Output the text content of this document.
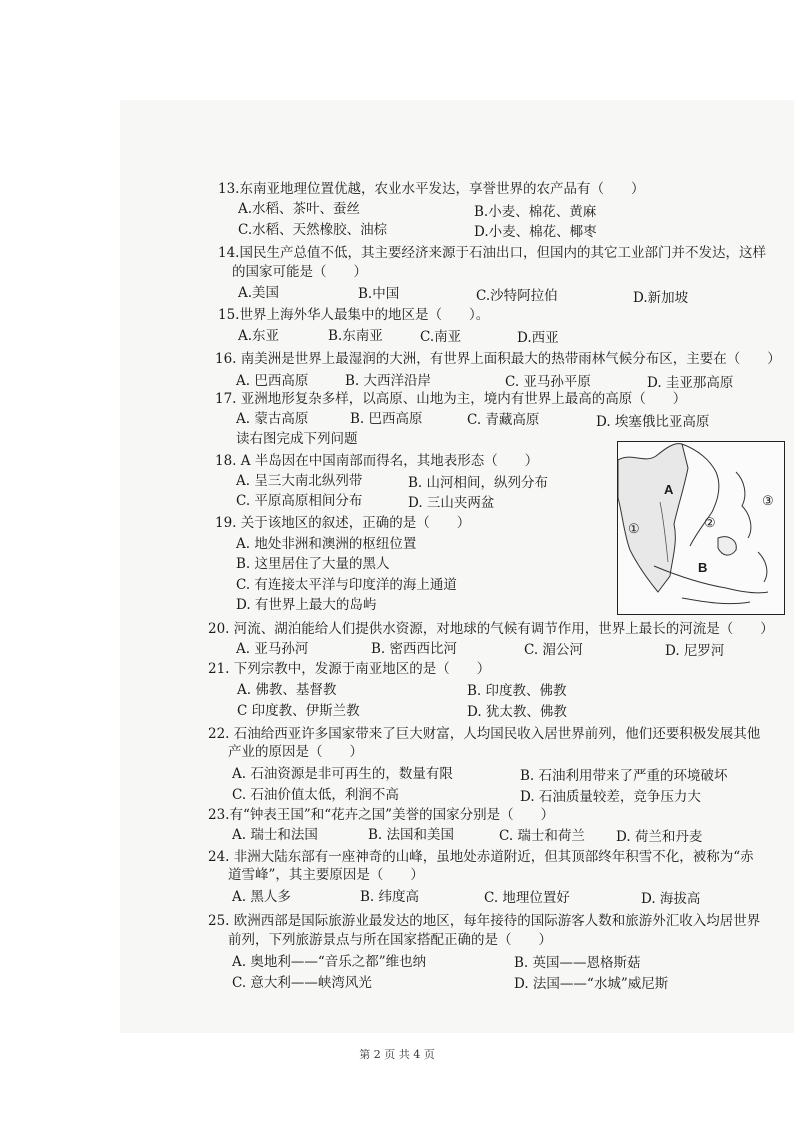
13.东南亚地理位置优越，农业水平发达，享誉世界的农产品有（　　）
A.水稻、茶叶、蚕丝	B.小麦、棉花、黄麻
C.水稻、天然橡胶、油棕	D.小麦、棉花、椰枣
14.国民生产总值不低，其主要经济来源于石油出口，但国内的其它工业部门并不发达，这样
的国家可能是（　　）
A.美国	B.中国	C.沙特阿拉伯	D.新加坡
15.世界上海外华人最集中的地区是（　　）。
A.东亚	B.东南亚	C.南亚	D.西亚
16. 南美洲是世界上最湿润的大洲，有世界上面积最大的热带雨林气候分布区，主要在（　　）
A. 巴西高原	B. 大西洋沿岸	C. 亚马孙平原	D. 圭亚那高原
17. 亚洲地形复杂多样，以高原、山地为主，境内有世界上最高的高原（　　）
A. 蒙古高原	B. 巴西高原	C. 青藏高原	D. 埃塞俄比亚高原
读右图完成下列问题
18. A 半岛因在中国南部而得名，其地表形态（　　）
A. 呈三大南北纵列带	B. 山河相间，纵列分布
C. 平原高原相间分布	D. 三山夹两盆
19. 关于该地区的叙述，正确的是（　　）
A. 地处非洲和澳洲的枢纽位置
B. 这里居住了大量的黑人
C. 有连接太平洋与印度洋的海上通道
D. 有世界上最大的岛屿
A
B
①	②
③
20. 河流、湖泊能给人们提供水资源，对地球的气候有调节作用，世界上最长的河流是（　　）
A. 亚马孙河	B. 密西西比河	C. 湄公河	D. 尼罗河
21. 下列宗教中，发源于南亚地区的是（　　）
A. 佛教、基督教	B. 印度教、佛教
C 印度教、伊斯兰教	D. 犹太教、佛教
22. 石油给西亚许多国家带来了巨大财富，人均国民收入居世界前列，他们还要积极发展其他
产业的原因是（　　）
A. 石油资源是非可再生的，数量有限	B. 石油利用带来了严重的环境破坏
C. 石油价值太低，利润不高	D. 石油质量较差，竞争压力大
23.有“钟表王国”和“花卉之国”美誉的国家分别是（　　）
A. 瑞士和法国	B. 法国和美国	C. 瑞士和荷兰 D. 荷兰和丹麦
24. 非洲大陆东部有一座神奇的山峰，虽地处赤道附近，但其顶部终年积雪不化，被称为“赤
道雪峰”，其主要原因是（　　）
A. 黑人多	B. 纬度高	C. 地理位置好	D. 海拔高
25. 欧洲西部是国际旅游业最发达的地区，每年接待的国际游客人数和旅游外汇收入均居世界
前列，下列旅游景点与所在国家搭配正确的是（　　）
A. 奥地利——“音乐之都”维也纳	B. 英国——恩格斯菇
C. 意大利——峡湾风光	D. 法国——“水城”威尼斯
第 2 页 共 4 页
